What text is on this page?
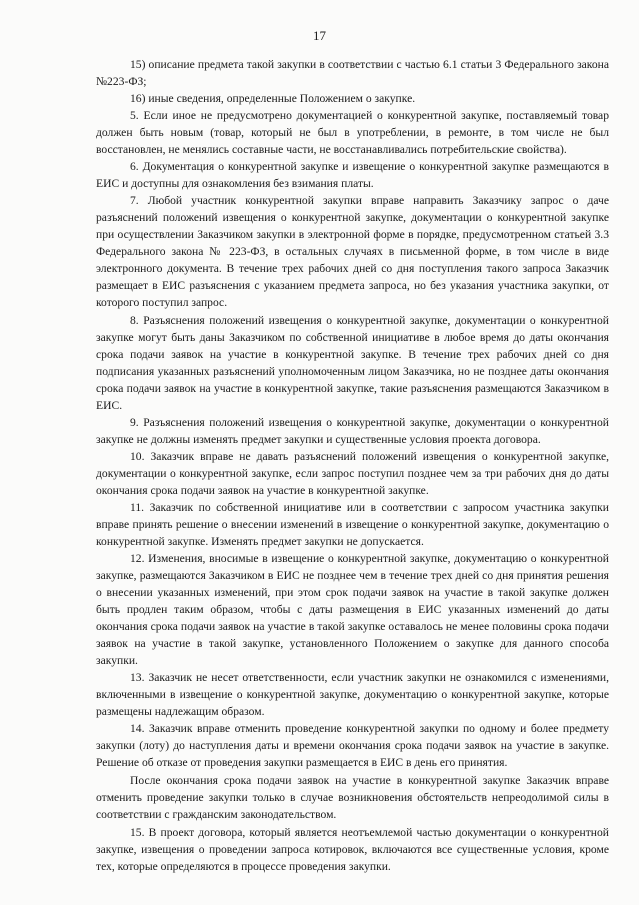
17

15) описание предмета такой закупки в соответствии с частью 6.1 статьи 3 Федерального закона №223-ФЗ;

16) иные сведения, определенные Положением о закупке.

5. Если иное не предусмотрено документацией о конкурентной закупке, поставляемый товар должен быть новым (товар, который не был в употреблении, в ремонте, в том числе не был восстановлен, не менялись составные части, не восстанавливались потребительские свойства).

6. Документация о конкурентной закупке и извещение о конкурентной закупке размещаются в ЕИС и доступны для ознакомления без взимания платы.

7. Любой участник конкурентной закупки вправе направить Заказчику запрос о даче разъяснений положений извещения о конкурентной закупке, документации о конкурентной закупке при осуществлении Заказчиком закупки в электронной форме в порядке, предусмотренном статьей 3.3 Федерального закона № 223-ФЗ, в остальных случаях в письменной форме, в том числе в виде электронного документа. В течение трех рабочих дней со дня поступления такого запроса Заказчик размещает в ЕИС разъяснения с указанием предмета запроса, но без указания участника закупки, от которого поступил запрос.

8. Разъяснения положений извещения о конкурентной закупке, документации о конкурентной закупке могут быть даны Заказчиком по собственной инициативе в любое время до даты окончания срока подачи заявок на участие в конкурентной закупке. В течение трех рабочих дней со дня подписания указанных разъяснений уполномоченным лицом Заказчика, но не позднее даты окончания срока подачи заявок на участие в конкурентной закупке, такие разъяснения размещаются Заказчиком в ЕИС.

9. Разъяснения положений извещения о конкурентной закупке, документации о конкурентной закупке не должны изменять предмет закупки и существенные условия проекта договора.

10. Заказчик вправе не давать разъяснений положений извещения о конкурентной закупке, документации о конкурентной закупке, если запрос поступил позднее чем за три рабочих дня до даты окончания срока подачи заявок на участие в конкурентной закупке.

11. Заказчик по собственной инициативе или в соответствии с запросом участника закупки вправе принять решение о внесении изменений в извещение о конкурентной закупке, документацию о конкурентной закупке. Изменять предмет закупки не допускается.

12. Изменения, вносимые в извещение о конкурентной закупке, документацию о конкурентной закупке, размещаются Заказчиком в ЕИС не позднее чем в течение трех дней со дня принятия решения о внесении указанных изменений, при этом срок подачи заявок на участие в такой закупке должен быть продлен таким образом, чтобы с даты размещения в ЕИС указанных изменений до даты окончания срока подачи заявок на участие в такой закупке оставалось не менее половины срока подачи заявок на участие в такой закупке, установленного Положением о закупке для данного способа закупки.

13. Заказчик не несет ответственности, если участник закупки не ознакомился с изменениями, включенными в извещение о конкурентной закупке, документацию о конкурентной закупке, которые размещены надлежащим образом.

14. Заказчик вправе отменить проведение конкурентной закупки по одному и более предмету закупки (лоту) до наступления даты и времени окончания срока подачи заявок на участие в закупке. Решение об отказе от проведения закупки размещается в ЕИС в день его принятия.

После окончания срока подачи заявок на участие в конкурентной закупке Заказчик вправе отменить проведение закупки только в случае возникновения обстоятельств непреодолимой силы в соответствии с гражданским законодательством.

15. В проект договора, который является неотъемлемой частью документации о конкурентной закупке, извещения о проведении запроса котировок, включаются все существенные условия, кроме тех, которые определяются в процессе проведения закупки.
